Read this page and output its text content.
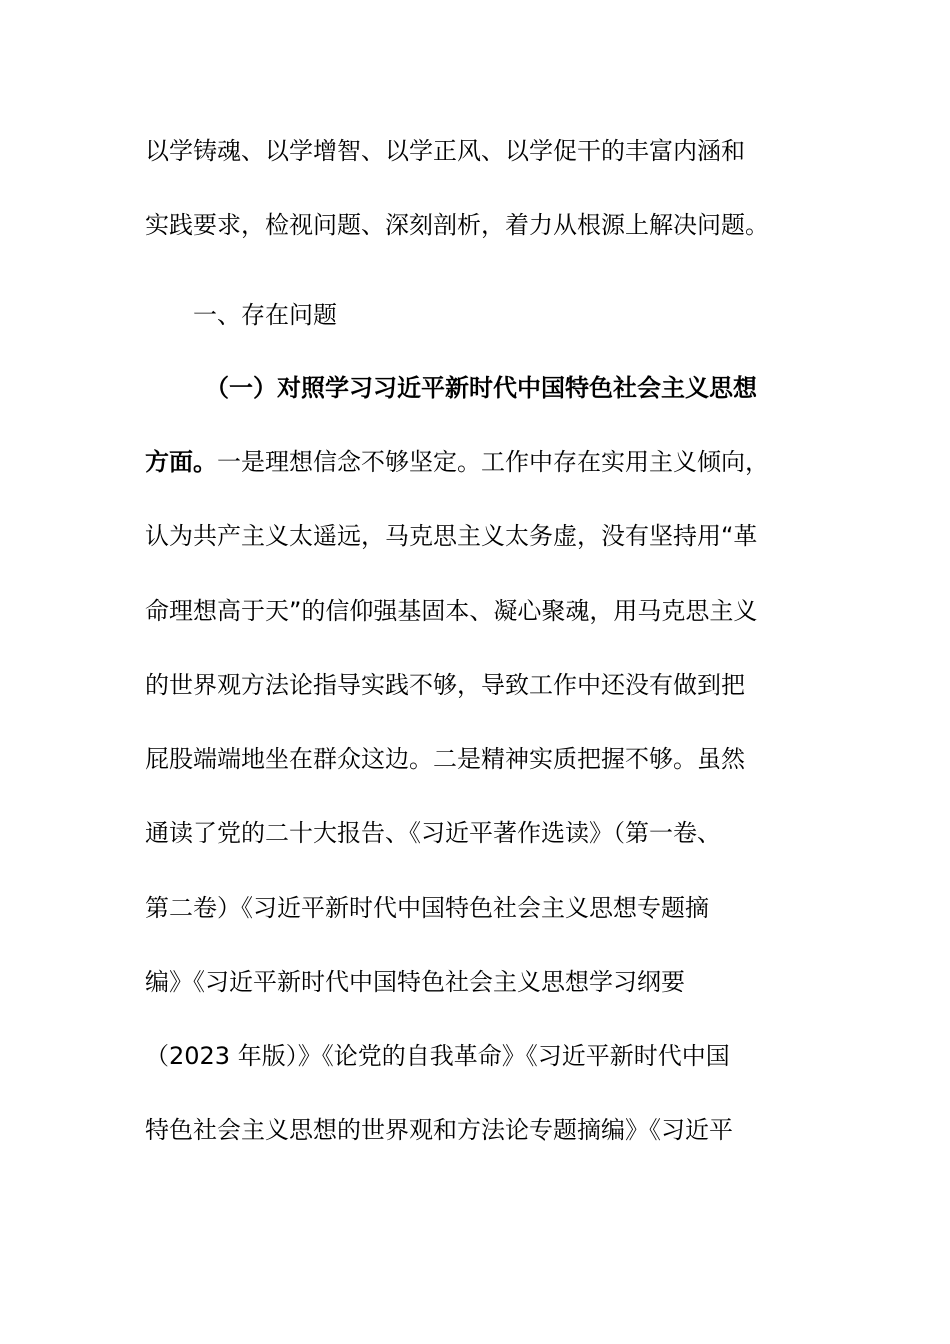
以学铸魂、以学增智、以学正风、以学促干的丰富内涵和
实践要求，检视问题、深刻剖析，着力从根源上解决问题。
一、存在问题
（一）对照学习习近平新时代中国特色社会主义思想
方面。一是理想信念不够坚定。工作中存在实用主义倾向，
认为共产主义太遥远，马克思主义太务虚，没有坚持用“革
命理想高于天”的信仰强基固本、凝心聚魂，用马克思主义
的世界观方法论指导实践不够，导致工作中还没有做到把
屁股端端地坐在群众这边。二是精神实质把握不够。虽然
通读了党的二十大报告、《习近平著作选读》（第一卷、
第二卷）《习近平新时代中国特色社会主义思想专题摘
编》《习近平新时代中国特色社会主义思想学习纲要
（2023 年版）》《论党的自我革命》《习近平新时代中国
特色社会主义思想的世界观和方法论专题摘编》《习近平
